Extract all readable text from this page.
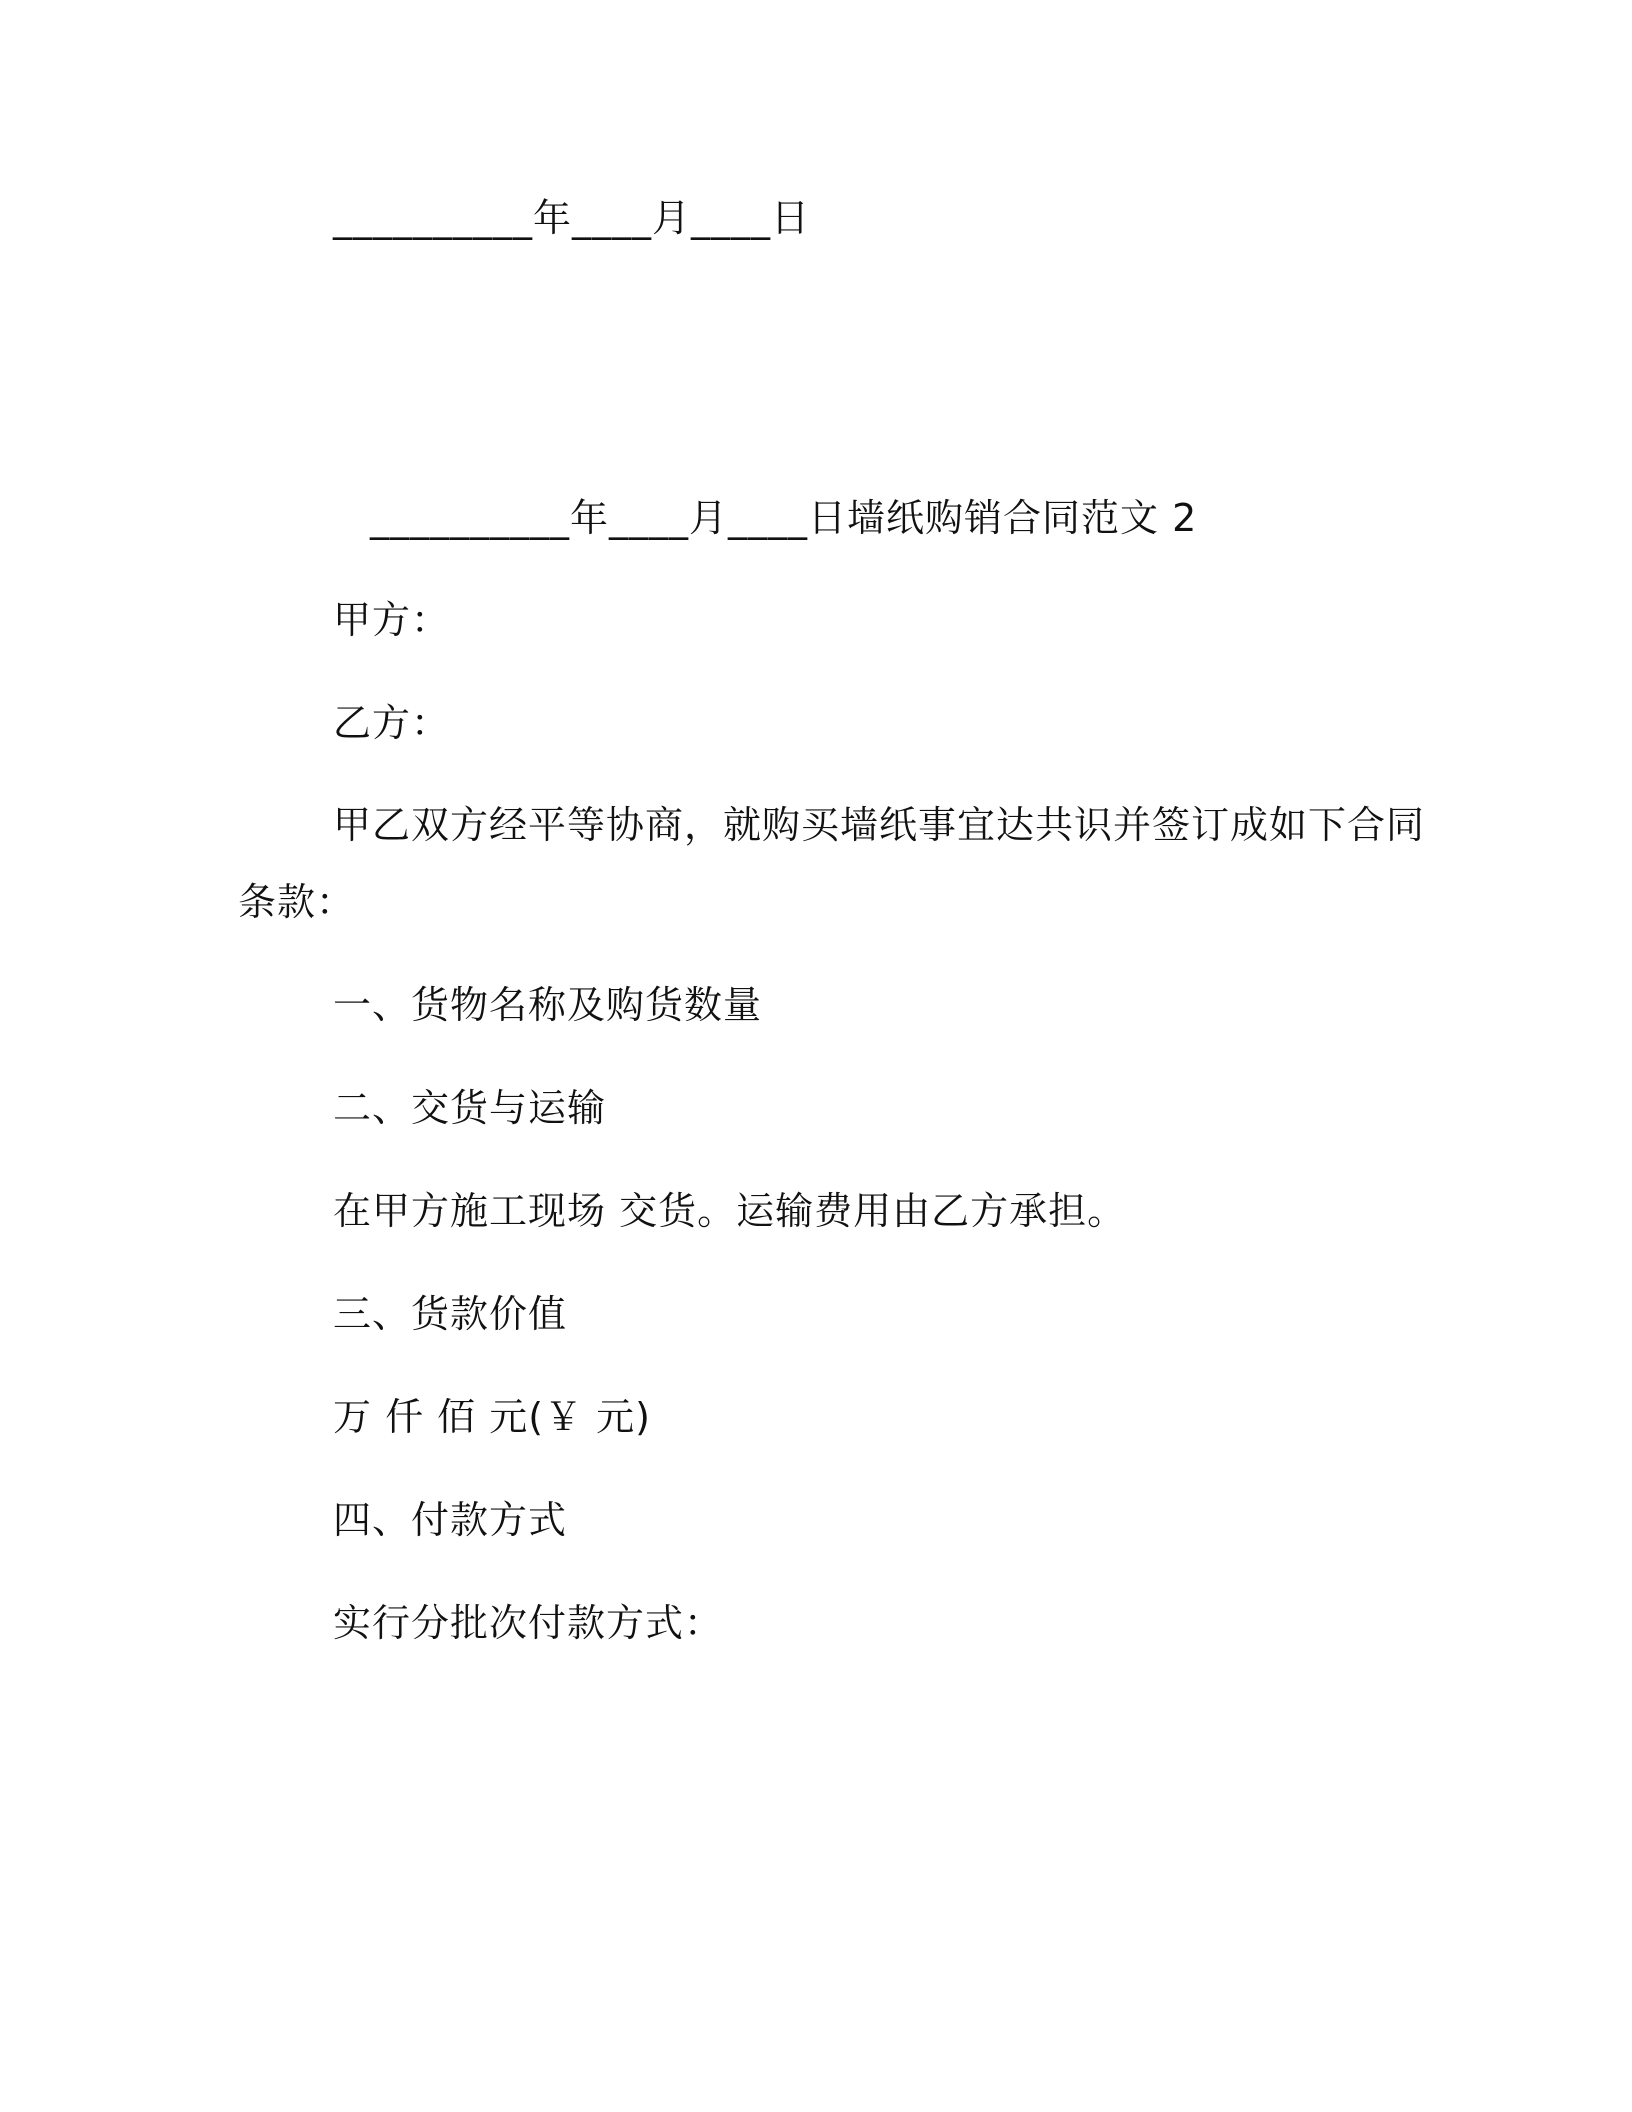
__________年____月____日
__________年____月____日墙纸购销合同范文 2
甲方：
乙方：
甲乙双方经平等协商，就购买墙纸事宜达共识并签订成如下合同
条款：
一、货物名称及购货数量
二、交货与运输
在甲方施工现场 交货。运输费用由乙方承担。
三、货款价值
万 仟 佰 元(￥ 元)
四、付款方式
实行分批次付款方式：
